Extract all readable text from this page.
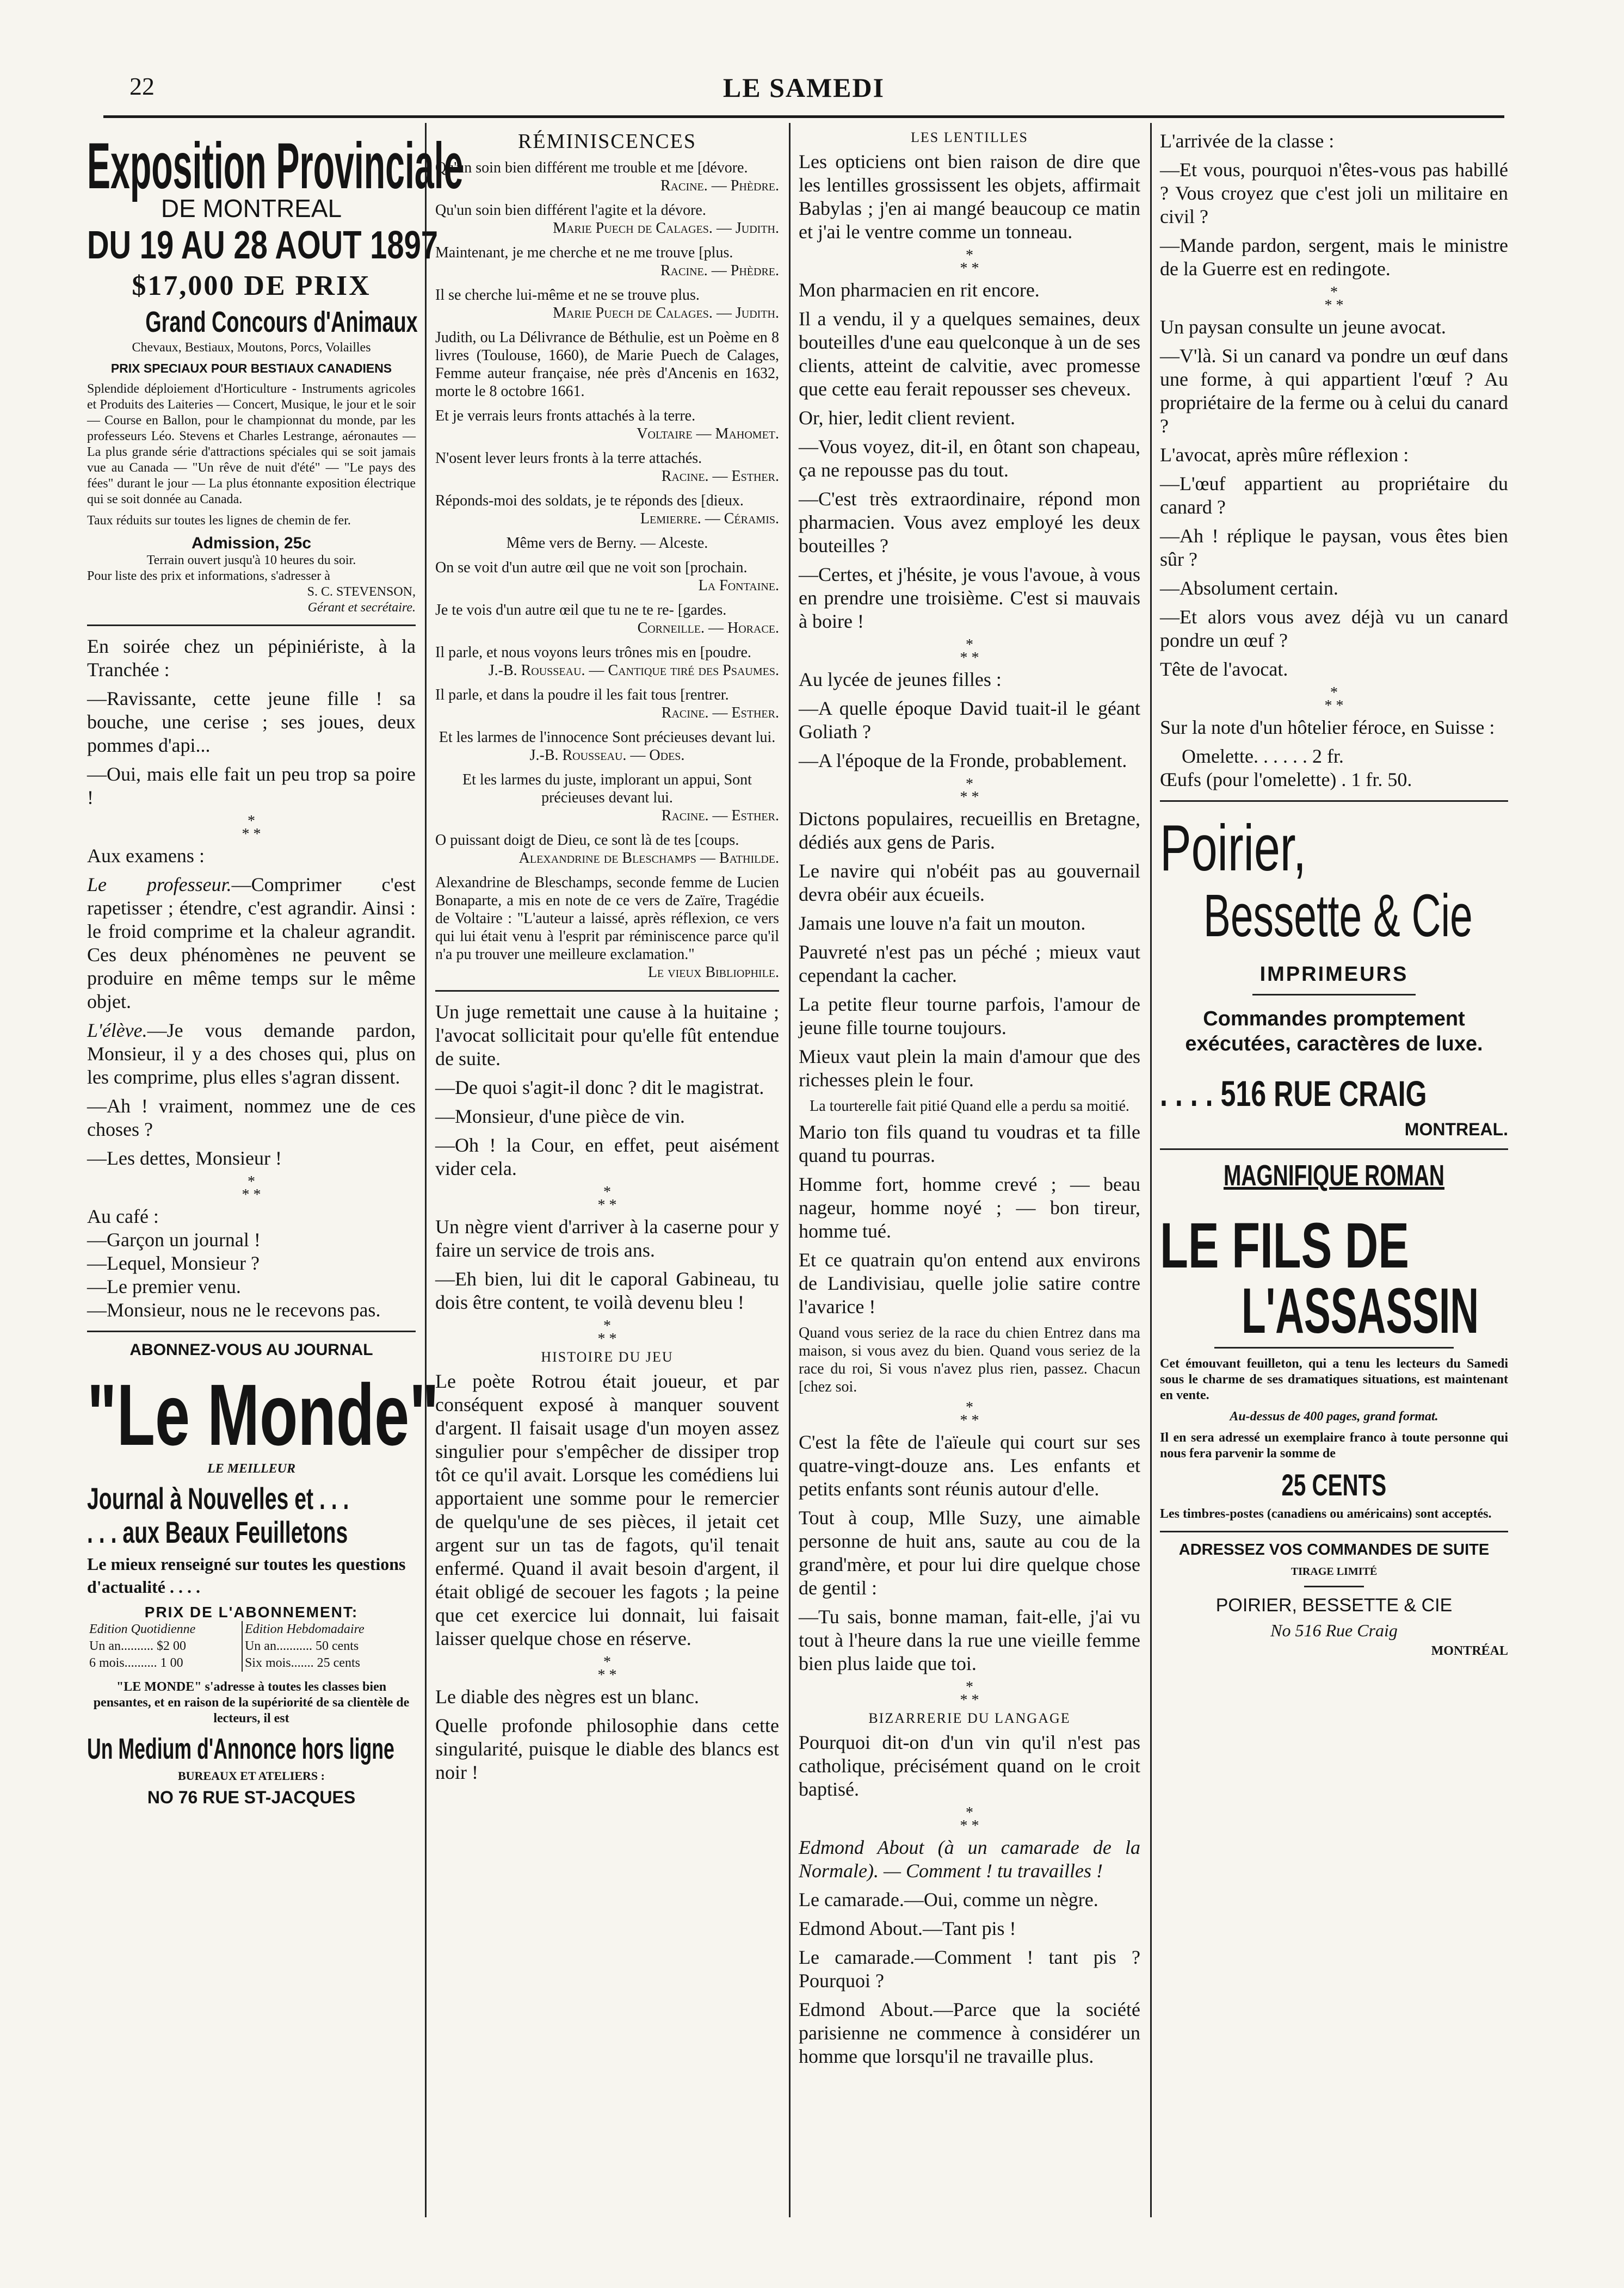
22	LE SAMEDI
Exposition Provinciale
DE MONTREAL
DU 19 AU 28 AOUT 1897
$17,000 DE PRIX
Grand Concours d'Animaux
Chevaux, Bestiaux, Moutons, Porcs, Volailles
PRIX SPECIAUX POUR BESTIAUX CANADIENS

Splendide déploiement d'Horticulture - Instruments agricoles et Produits des Laiteries — Concert, Musique, le jour et le soir — Course en Ballon, pour le championnat du monde, par les professeurs Léo. Stevens et Charles Lestrange, aéronautes — La plus grande série d'attractions spéciales qui se soit jamais vue au Canada — "Un rêve de nuit d'été" — "Le pays des fées" durant le jour — La plus étonnante exposition électrique qui se soit donnée au Canada.

Taux réduits sur toutes les lignes de chemin de fer.

Admission, 25c
Terrain ouvert jusqu'à 10 heures du soir.
Pour liste des prix et informations, s'adresser à
S. C. STEVENSON,
Gérant et secrétaire.

En soirée chez un pépiniériste, à la Tranchée :

—Ravissante, cette jeune fille ! sa bouche, une cerise ; ses joues, deux pommes d'api...

—Oui, mais elle fait un peu trop sa poire !

*
* *

Aux examens :

Le professeur.—Comprimer c'est rapetisser ; étendre, c'est agrandir. Ainsi : le froid comprime et la chaleur agrandit. Ces deux phénomènes ne peuvent se produire en même temps sur le même objet.

L'élève.—Je vous demande pardon, Monsieur, il y a des choses qui, plus on les comprime, plus elles s'agran dissent.

—Ah ! vraiment, nommez une de ces choses ?

—Les dettes, Monsieur !

*
* *
Au café :
—Garçon un journal !
—Lequel, Monsieur ?
—Le premier venu.
—Monsieur, nous ne le recevons pas.
ABONNEZ-VOUS AU JOURNAL
"Le Monde"
LE MEILLEUR
Journal à Nouvelles et . . .
. . . aux Beaux Feuilletons
Le mieux renseigné sur toutes les questions d'actualité . . . .
PRIX DE L'ABONNEMENT:
Edition Quotidienne	Edition Hebdomadaire
Un an.......... $2 00	Un an........... 50 cents
6 mois.......... 1 00	Six mois....... 25 cents

"LE MONDE" s'adresse à toutes les classes bien pensantes, et en raison de la supériorité de sa clientèle de lecteurs, il est

Un Medium d'Annonce hors ligne
BUREAUX ET ATELIERS :
NO 76 RUE ST-JACQUES
RÉMINISCENCES
Qu'un soin bien différent me trouble et me [dévore.
Racine. — Phèdre.
Qu'un soin bien différent l'agite et la dévore.
Marie Puech de Calages. — Judith.
Maintenant, je me cherche et ne me trouve [plus.
Racine. — Phèdre.
Il se cherche lui-même et ne se trouve plus.
Marie Puech de Calages. — Judith.
Judith, ou La Délivrance de Béthulie, est un Poème en 8 livres (Toulouse, 1660), de Marie Puech de Calages, Femme auteur française, née près d'Ancenis en 1632, morte le 8 octobre 1661.
Et je verrais leurs fronts attachés à la terre.
Voltaire — Mahomet.
N'osent lever leurs fronts à la terre attachés.
Racine. — Esther.
Réponds-moi des soldats, je te réponds des [dieux.
Lemierre. — Céramis.
Même vers de Berny. — Alceste.
On se voit d'un autre œil que ne voit son [prochain.
La Fontaine.
Je te vois d'un autre œil que tu ne te re- [gardes.
Corneille. — Horace.
Il parle, et nous voyons leurs trônes mis en [poudre.
J.-B. Rousseau. — Cantique tiré des Psaumes.
Il parle, et dans la poudre il les fait tous [rentrer.
Racine. — Esther.
Et les larmes de l'innocence Sont précieuses devant lui.
J.-B. Rousseau. — Odes.
Et les larmes du juste, implorant un appui, Sont précieuses devant lui.
Racine. — Esther.
O puissant doigt de Dieu, ce sont là de tes [coups.
Alexandrine de Bleschamps — Bathilde.
Alexandrine de Bleschamps, seconde femme de Lucien Bonaparte, a mis en note de ce vers de Zaïre, Tragédie de Voltaire : "L'auteur a laissé, après réflexion, ce vers qui lui était venu à l'esprit par réminiscence parce qu'il n'a pu trouver une meilleure exclamation."
Le vieux Bibliophile.

Un juge remettait une cause à la huitaine ; l'avocat sollicitait pour qu'elle fût entendue de suite.

—De quoi s'agit-il donc ? dit le magistrat.

—Monsieur, d'une pièce de vin.

—Oh ! la Cour, en effet, peut aisément vider cela.

*
* *

Un nègre vient d'arriver à la caserne pour y faire un service de trois ans.

—Eh bien, lui dit le caporal Gabineau, tu dois être content, te voilà devenu bleu !

*
* *
HISTOIRE DU JEU

Le poète Rotrou était joueur, et par conséquent exposé à manquer souvent d'argent. Il faisait usage d'un moyen assez singulier pour s'empêcher de dissiper trop tôt ce qu'il avait. Lorsque les comédiens lui apportaient une somme pour le remercier de quelqu'une de ses pièces, il jetait cet argent sur un tas de fagots, qu'il tenait enfermé. Quand il avait besoin d'argent, il était obligé de secouer les fagots ; la peine que cet exercice lui donnait, lui faisait laisser quelque chose en réserve.

*
* *

Le diable des nègres est un blanc.

Quelle profonde philosophie dans cette singularité, puisque le diable des blancs est noir !

LES LENTILLES

Les opticiens ont bien raison de dire que les lentilles grossissent les objets, affirmait Babylas ; j'en ai mangé beaucoup ce matin et j'ai le ventre comme un tonneau.

*
* *

Mon pharmacien en rit encore.

Il a vendu, il y a quelques semaines, deux bouteilles d'une eau quelconque à un de ses clients, atteint de calvitie, avec promesse que cette eau ferait repousser ses cheveux.

Or, hier, ledit client revient.

—Vous voyez, dit-il, en ôtant son chapeau, ça ne repousse pas du tout.

—C'est très extraordinaire, répond mon pharmacien. Vous avez employé les deux bouteilles ?

—Certes, et j'hésite, je vous l'avoue, à vous en prendre une troisième. C'est si mauvais à boire !

*
* *

Au lycée de jeunes filles :

—A quelle époque David tuait-il le géant Goliath ?

—A l'époque de la Fronde, probablement.

*
* *

Dictons populaires, recueillis en Bretagne, dédiés aux gens de Paris.

Le navire qui n'obéit pas au gouvernail devra obéir aux écueils.

Jamais une louve n'a fait un mouton.

Pauvreté n'est pas un péché ; mieux vaut cependant la cacher.

La petite fleur tourne parfois, l'amour de jeune fille tourne toujours.

Mieux vaut plein la main d'amour que des richesses plein le four.

La tourterelle fait pitié Quand elle a perdu sa moitié.

Mario ton fils quand tu voudras et ta fille quand tu pourras.

Homme fort, homme crevé ; — beau nageur, homme noyé ; — bon tireur, homme tué.

Et ce quatrain qu'on entend aux environs de Landivisiau, quelle jolie satire contre l'avarice !

Quand vous seriez de la race du chien Entrez dans ma maison, si vous avez du bien. Quand vous seriez de la race du roi, Si vous n'avez plus rien, passez. Chacun [chez soi.

*
* *

C'est la fête de l'aïeule qui court sur ses quatre-vingt-douze ans. Les enfants et petits enfants sont réunis autour d'elle.

Tout à coup, Mlle Suzy, une aimable personne de huit ans, saute au cou de la grand'mère, et pour lui dire quelque chose de gentil :

—Tu sais, bonne maman, fait-elle, j'ai vu tout à l'heure dans la rue une vieille femme bien plus laide que toi.

*
* *
BIZARRERIE DU LANGAGE

Pourquoi dit-on d'un vin qu'il n'est pas catholique, précisément quand on le croit baptisé.

*
* *

Edmond About (à un camarade de la Normale). — Comment ! tu travailles !

Le camarade.—Oui, comme un nègre.

Edmond About.—Tant pis !

Le camarade.—Comment ! tant pis ? Pourquoi ?

Edmond About.—Parce que la société parisienne ne commence à considérer un homme que lorsqu'il ne travaille plus.

L'arrivée de la classe :

—Et vous, pourquoi n'êtes-vous pas habillé ? Vous croyez que c'est joli un militaire en civil ?

—Mande pardon, sergent, mais le ministre de la Guerre est en redingote.

*
* *

Un paysan consulte un jeune avocat.

—V'là. Si un canard va pondre un œuf dans une forme, à qui appartient l'œuf ? Au propriétaire de la ferme ou à celui du canard ?

L'avocat, après mûre réflexion :

—L'œuf appartient au propriétaire du canard ?

—Ah ! réplique le paysan, vous êtes bien sûr ?

—Absolument certain.

—Et alors vous avez déjà vu un canard pondre un œuf ?

Tête de l'avocat.

*
* *

Sur la note d'un hôtelier féroce, en Suisse :

Omelette. . . . . . 2 fr.
Œufs (pour l'omelette) . 1 fr. 50.
Poirier,
Bessette & Cie
IMPRIMEURS
Commandes promptement exécutées, caractères de luxe.
. . . . 516 RUE CRAIG
MONTREAL.
MAGNIFIQUE ROMAN
LE FILS DE
L'ASSASSIN

Cet émouvant feuilleton, qui a tenu les lecteurs du Samedi sous le charme de ses dramatiques situations, est maintenant en vente.

Au-dessus de 400 pages, grand format.

Il en sera adressé un exemplaire franco à toute personne qui nous fera parvenir la somme de

25 CENTS

Les timbres-postes (canadiens ou américains) sont acceptés.

ADRESSEZ VOS COMMANDES DE SUITE
TIRAGE LIMITÉ
POIRIER, BESSETTE & CIE
No 516 Rue Craig
MONTRÉAL
